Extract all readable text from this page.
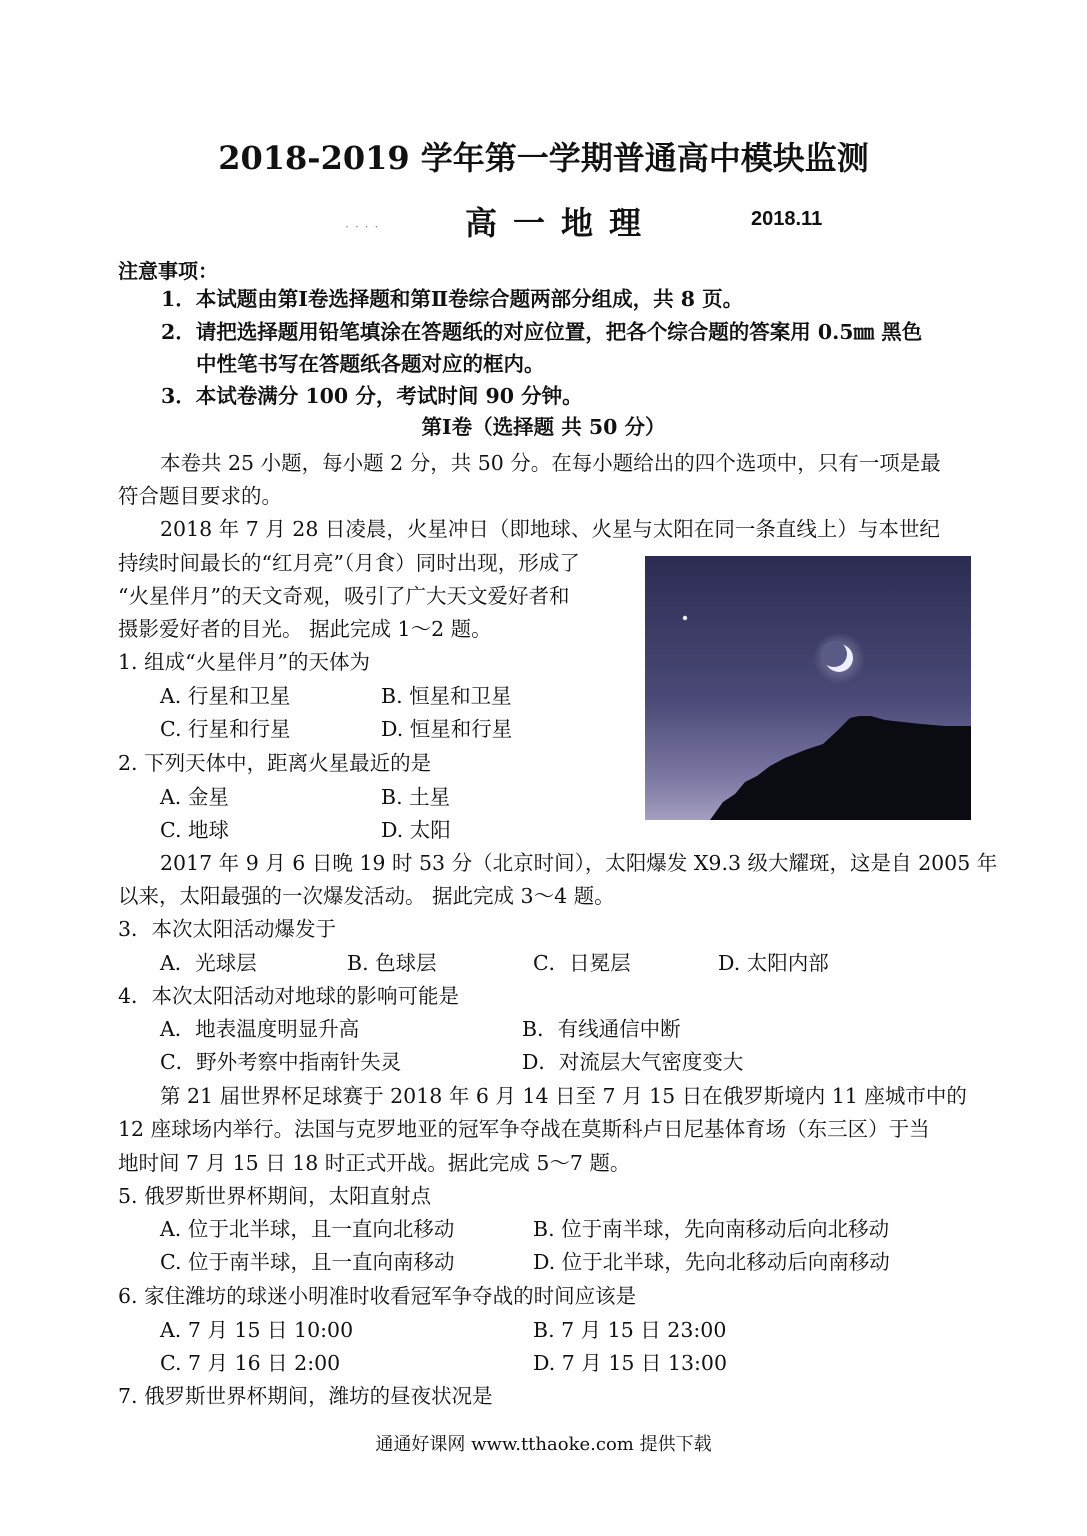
2018-2019 学年第一学期普通高中模块监测
····	高一地理	2018.11
注意事项：
1．本试题由第Ⅰ卷选择题和第Ⅱ卷综合题两部分组成，共 8 页。
2．请把选择题用铅笔填涂在答题纸的对应位置，把各个综合题的答案用 0.5㎜ 黑色
中性笔书写在答题纸各题对应的框内。
3．本试卷满分 100 分，考试时间 90 分钟。
第Ⅰ卷（选择题 共 50 分）
本卷共 25 小题，每小题 2 分，共 50 分。在每小题给出的四个选项中，只有一项是最
符合题目要求的。
2018 年 7 月 28 日凌晨，火星冲日（即地球、火星与太阳在同一条直线上）与本世纪
持续时间最长的“红月亮”（月食）同时出现，形成了
“火星伴月”的天文奇观，吸引了广大天文爱好者和
摄影爱好者的目光。 据此完成 1～2 题。
1. 组成“火星伴月”的天体为
A. 行星和卫星	B. 恒星和卫星
C. 行星和行星	D. 恒星和行星
2. 下列天体中，距离火星最近的是
A. 金星	B. 土星
C. 地球	D. 太阳
2017 年 9 月 6 日晚 19 时 53 分（北京时间），太阳爆发 X9.3 级大耀斑，这是自 2005 年
以来，太阳最强的一次爆发活动。 据此完成 3～4 题。
3．本次太阳活动爆发于
A．光球层	B. 色球层	C．日冕层	D. 太阳内部
4．本次太阳活动对地球的影响可能是
A．地表温度明显升高	B．有线通信中断
C．野外考察中指南针失灵	D．对流层大气密度变大
第 21 届世界杯足球赛于 2018 年 6 月 14 日至 7 月 15 日在俄罗斯境内 11 座城市中的
12 座球场内举行。法国与克罗地亚的冠军争夺战在莫斯科卢日尼基体育场（东三区）于当
地时间 7 月 15 日 18 时正式开战。据此完成 5～7 题。
5. 俄罗斯世界杯期间，太阳直射点
A. 位于北半球，且一直向北移动	B. 位于南半球，先向南移动后向北移动
C. 位于南半球，且一直向南移动	D. 位于北半球，先向北移动后向南移动
6. 家住潍坊的球迷小明准时收看冠军争夺战的时间应该是
A. 7 月 15 日 10:00	B. 7 月 15 日 23:00
C. 7 月 16 日 2:00	D. 7 月 15 日 13:00
7. 俄罗斯世界杯期间，潍坊的昼夜状况是
通通好课网 www.tthaoke.com 提供下载
